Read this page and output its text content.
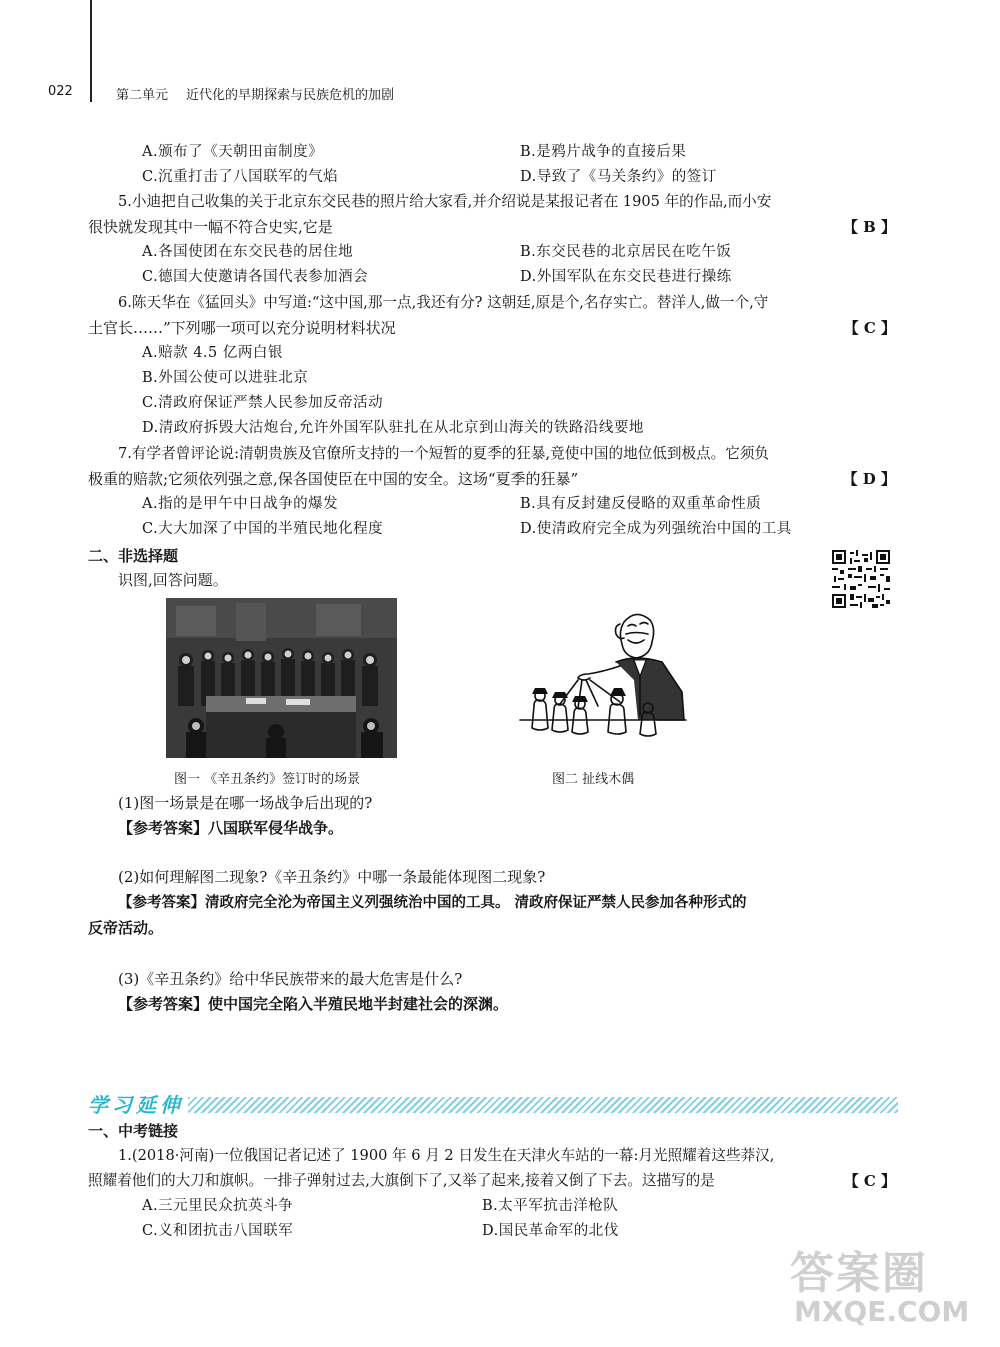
022	第二单元 近代化的早期探索与民族危机的加剧
A.颁布了《天朝田亩制度》	B.是鸦片战争的直接后果
C.沉重打击了八国联军的气焰	D.导致了《马关条约》的签订
5.小迪把自己收集的关于北京东交民巷的照片给大家看,并介绍说是某报记者在 1905 年的作品,而小安
很快就发现其中一幅不符合史实,它是	【 B 】
A.各国使团在东交民巷的居住地	B.东交民巷的北京居民在吃午饭
C.德国大使邀请各国代表参加酒会	D.外国军队在东交民巷进行操练
6.陈天华在《猛回头》中写道:“这中国,那一点,我还有分? 这朝廷,原是个,名存实亡。替洋人,做一个,守
土官长……”下列哪一项可以充分说明材料状况	【 C 】
A.赔款 4.5 亿两白银
B.外国公使可以进驻北京
C.清政府保证严禁人民参加反帝活动
D.清政府拆毁大沽炮台,允许外国军队驻扎在从北京到山海关的铁路沿线要地
7.有学者曾评论说:清朝贵族及官僚所支持的一个短暂的夏季的狂暴,竟使中国的地位低到极点。它须负
极重的赔款;它须依列强之意,保各国使臣在中国的安全。这场“夏季的狂暴”	【 D 】
A.指的是甲午中日战争的爆发	B.具有反封建反侵略的双重革命性质
C.大大加深了中国的半殖民地化程度	D.使清政府完全成为列强统治中国的工具
二、非选择题
识图,回答问题。
图一 《辛丑条约》签订时的场景	图二 扯线木偶
(1)图一场景是在哪一场战争后出现的?
【参考答案】八国联军侵华战争。
(2)如何理解图二现象?《辛丑条约》中哪一条最能体现图二现象?
【参考答案】清政府完全沦为帝国主义列强统治中国的工具。 清政府保证严禁人民参加各种形式的
反帝活动。
(3)《辛丑条约》给中华民族带来的最大危害是什么?
【参考答案】使中国完全陷入半殖民地半封建社会的深渊。
学习延伸
一、中考链接
1.(2018·河南)一位俄国记者记述了 1900 年 6 月 2 日发生在天津火车站的一幕:月光照耀着这些莽汉,
照耀着他们的大刀和旗帜。一排子弹射过去,大旗倒下了,又举了起来,接着又倒了下去。这描写的是	【 C 】
A.三元里民众抗英斗争	B.太平军抗击洋枪队
C.义和团抗击八国联军	D.国民革命军的北伐
答案圈
MXQE.COM
